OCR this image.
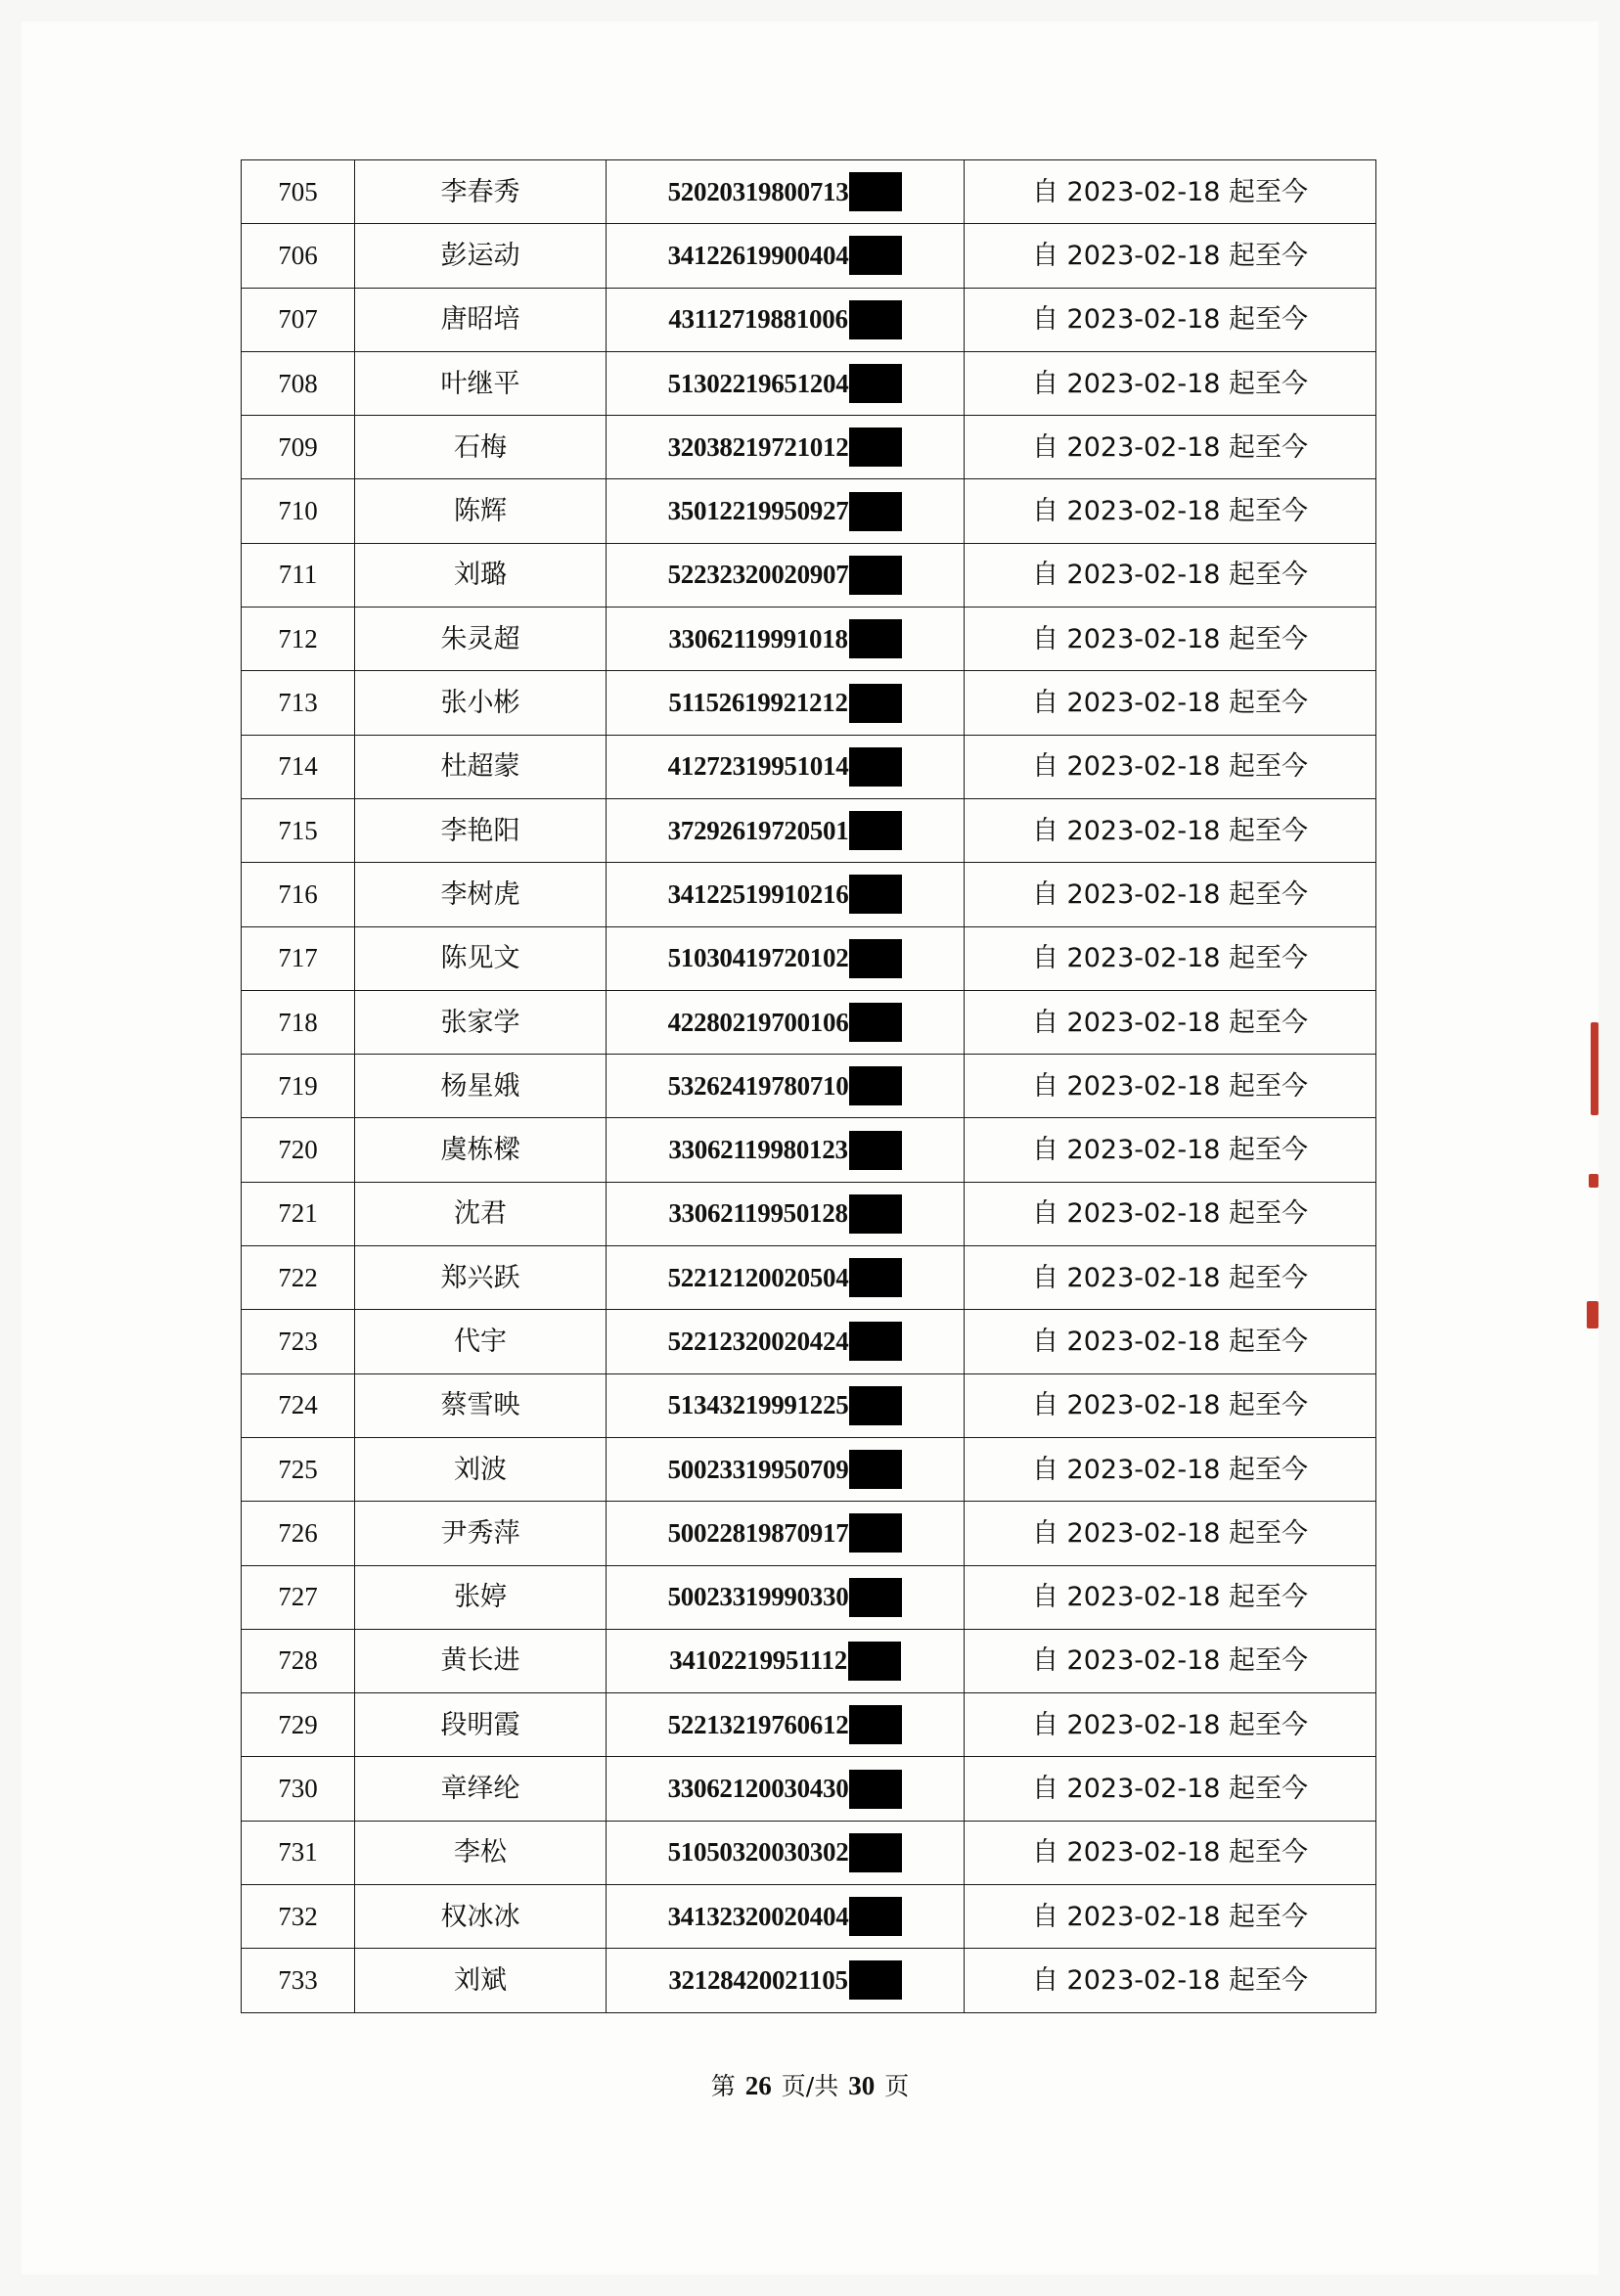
705	李春秀	52020319800713	自 2023-02-18 起至今
706	彭运动	34122619900404	自 2023-02-18 起至今
707	唐昭培	43112719881006	自 2023-02-18 起至今
708	叶继平	51302219651204	自 2023-02-18 起至今
709	石梅	32038219721012	自 2023-02-18 起至今
710	陈辉	35012219950927	自 2023-02-18 起至今
711	刘璐	52232320020907	自 2023-02-18 起至今
712	朱灵超	33062119991018	自 2023-02-18 起至今
713	张小彬	51152619921212	自 2023-02-18 起至今
714	杜超蒙	41272319951014	自 2023-02-18 起至今
715	李艳阳	37292619720501	自 2023-02-18 起至今
716	李树虎	34122519910216	自 2023-02-18 起至今
717	陈见文	51030419720102	自 2023-02-18 起至今
718	张家学	42280219700106	自 2023-02-18 起至今
719	杨星娥	53262419780710	自 2023-02-18 起至今
720	虞栋樑	33062119980123	自 2023-02-18 起至今
721	沈君	33062119950128	自 2023-02-18 起至今
722	郑兴跃	52212120020504	自 2023-02-18 起至今
723	代宇	52212320020424	自 2023-02-18 起至今
724	蔡雪映	51343219991225	自 2023-02-18 起至今
725	刘波	50023319950709	自 2023-02-18 起至今
726	尹秀萍	50022819870917	自 2023-02-18 起至今
727	张婷	50023319990330	自 2023-02-18 起至今
728	黄长进	34102219951112	自 2023-02-18 起至今
729	段明霞	52213219760612	自 2023-02-18 起至今
730	章绎纶	33062120030430	自 2023-02-18 起至今
731	李松	51050320030302	自 2023-02-18 起至今
732	权冰冰	34132320020404	自 2023-02-18 起至今
733	刘斌	32128420021105	自 2023-02-18 起至今
第 26 页/共 30 页
